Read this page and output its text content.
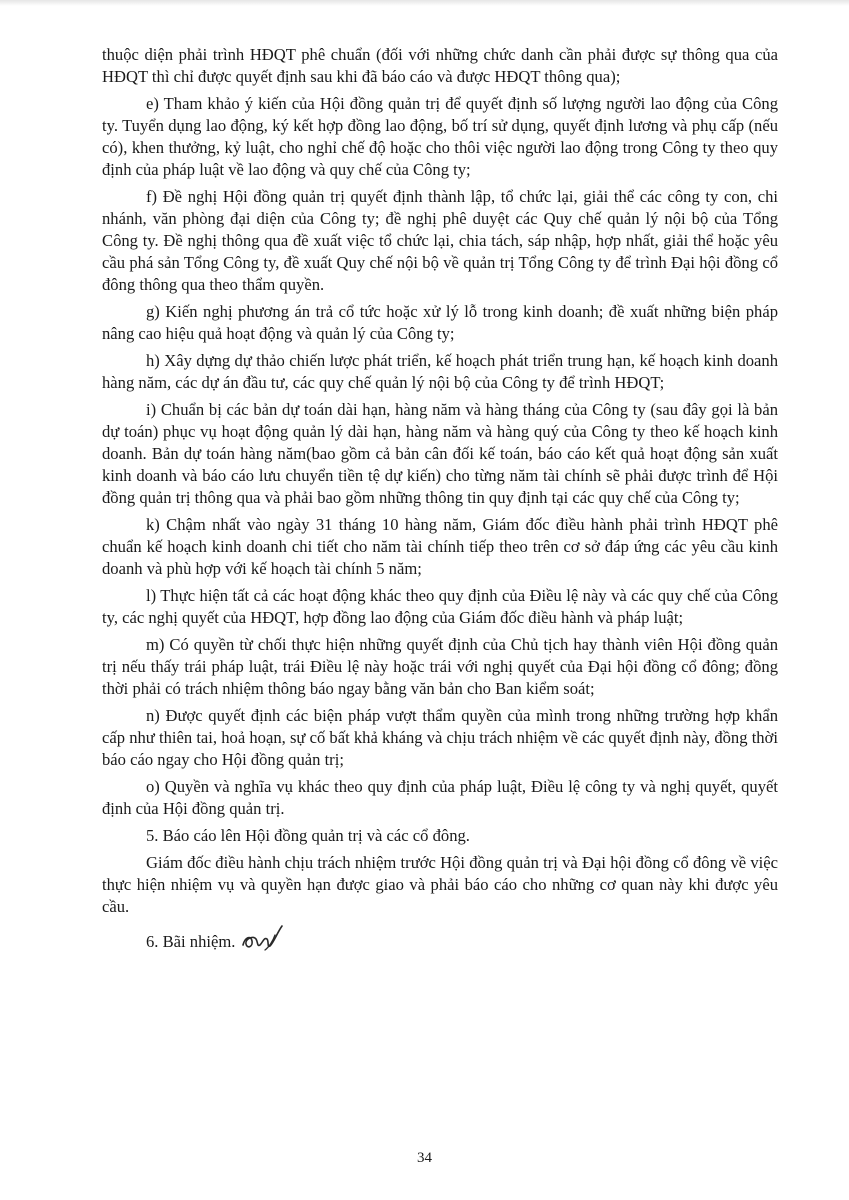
thuộc diện phải trình HĐQT phê chuẩn (đối với những chức danh cần phải được sự thông qua của HĐQT thì chỉ được quyết định sau khi đã báo cáo và được HĐQT thông qua);

e) Tham khảo ý kiến của Hội đồng quản trị để quyết định số lượng người lao động của Công ty. Tuyển dụng lao động, ký kết hợp đồng lao động, bố trí sử dụng, quyết định lương và phụ cấp (nếu có), khen thưởng, kỷ luật, cho nghỉ chế độ hoặc cho thôi việc người lao động trong Công ty theo quy định của pháp luật về lao động và quy chế của Công ty;

f) Đề nghị Hội đồng quản trị quyết định thành lập, tổ chức lại, giải thể các công ty con, chi nhánh, văn phòng đại diện của Công ty; đề nghị phê duyệt các Quy chế quản lý nội bộ của Tổng Công ty. Đề nghị thông qua đề xuất việc tổ chức lại, chia tách, sáp nhập, hợp nhất, giải thể hoặc yêu cầu phá sản Tổng Công ty, đề xuất Quy chế nội bộ về quản trị Tổng Công ty để trình Đại hội đồng cổ đông thông qua theo thẩm quyền.

g) Kiến nghị phương án trả cổ tức hoặc xử lý lỗ trong kinh doanh; đề xuất những biện pháp nâng cao hiệu quả hoạt động và quản lý của Công ty;

h) Xây dựng dự thảo chiến lược phát triển, kế hoạch phát triển trung hạn, kế hoạch kinh doanh hàng năm, các dự án đầu tư, các quy chế quản lý nội bộ của Công ty để trình HĐQT;

i) Chuẩn bị các bản dự toán dài hạn, hàng năm và hàng tháng của Công ty (sau đây gọi là bản dự toán) phục vụ hoạt động quản lý dài hạn, hàng năm và hàng quý của Công ty theo kế hoạch kinh doanh. Bản dự toán hàng năm(bao gồm cả bản cân đối kế toán, báo cáo kết quả hoạt động sản xuất kinh doanh và báo cáo lưu chuyển tiền tệ dự kiến) cho từng năm tài chính sẽ phải được trình để Hội đồng quản trị thông qua và phải bao gồm những thông tin quy định tại các quy chế của Công ty;

k) Chậm nhất vào ngày 31 tháng 10 hàng năm, Giám đốc điều hành phải trình HĐQT phê chuẩn kế hoạch kinh doanh chi tiết cho năm tài chính tiếp theo trên cơ sở đáp ứng các yêu cầu kinh doanh và phù hợp với kế hoạch tài chính 5 năm;

l) Thực hiện tất cả các hoạt động khác theo quy định của Điều lệ này và các quy chế của Công ty, các nghị quyết của HĐQT, hợp đồng lao động của Giám đốc điều hành và pháp luật;

m) Có quyền từ chối thực hiện những quyết định của Chủ tịch hay thành viên Hội đồng quản trị nếu thấy trái pháp luật, trái Điều lệ này hoặc trái với nghị quyết của Đại hội đồng cổ đông; đồng thời phải có trách nhiệm thông báo ngay bằng văn bản cho Ban kiểm soát;

n) Được quyết định các biện pháp vượt thẩm quyền của mình trong những trường hợp khẩn cấp như thiên tai, hoả hoạn, sự cố bất khả kháng và chịu trách nhiệm về các quyết định này, đồng thời báo cáo ngay cho Hội đồng quản trị;

o) Quyền và nghĩa vụ khác theo quy định của pháp luật, Điều lệ công ty và nghị quyết, quyết định của Hội đồng quản trị.

5. Báo cáo lên Hội đồng quản trị và các cổ đông.

Giám đốc điều hành chịu trách nhiệm trước Hội đồng quản trị và Đại hội đồng cổ đông về việc thực hiện nhiệm vụ và quyền hạn được giao và phải báo cáo cho những cơ quan này khi được yêu cầu.

6. Bãi nhiệm.
34
